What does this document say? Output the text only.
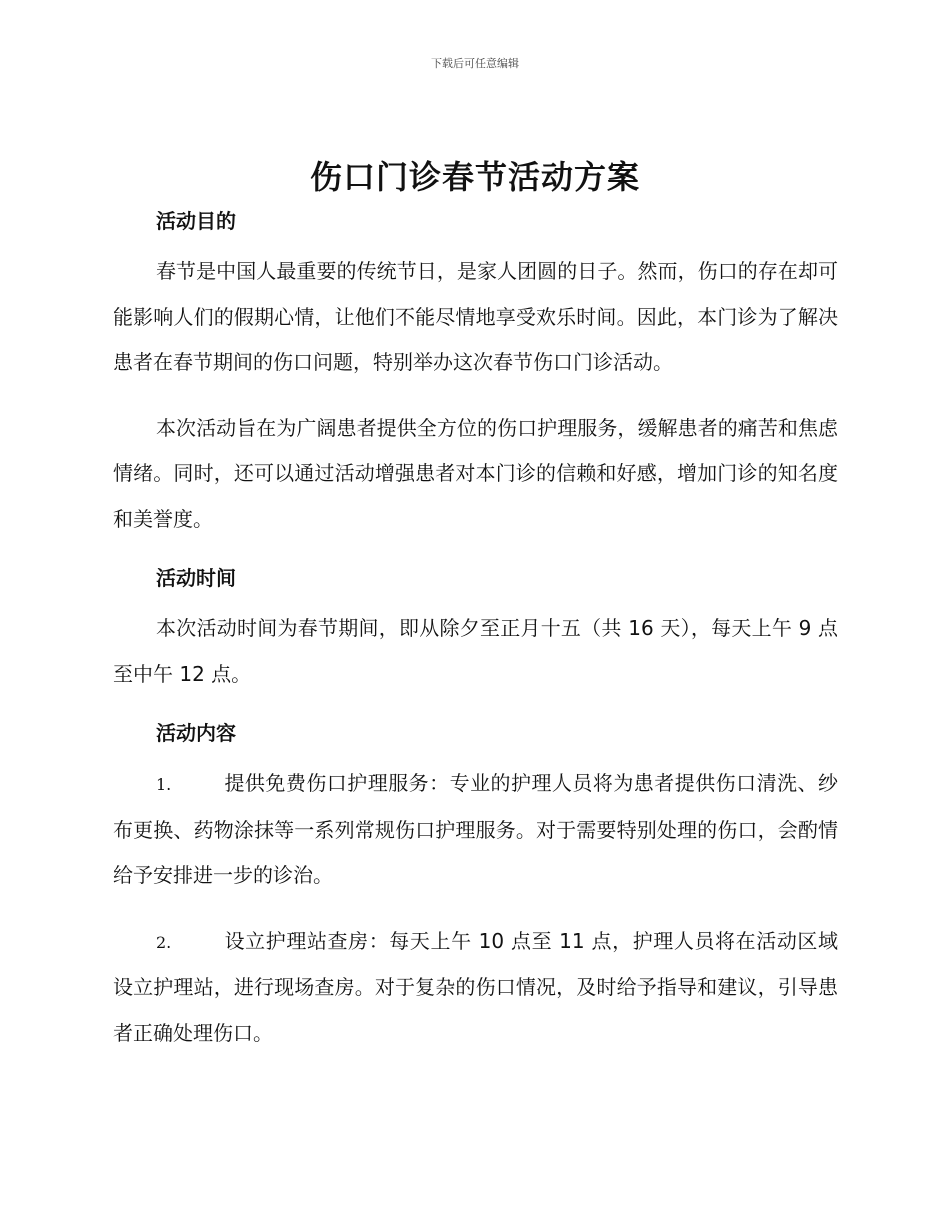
下载后可任意编辑
伤口门诊春节活动方案

活动目的

春节是中国人最重要的传统节日，是家人团圆的日子。然而，伤口的存在却可能影响人们的假期心情，让他们不能尽情地享受欢乐时间。因此，本门诊为了解决患者在春节期间的伤口问题，特别举办这次春节伤口门诊活动。

本次活动旨在为广阔患者提供全方位的伤口护理服务，缓解患者的痛苦和焦虑情绪。同时，还可以通过活动增强患者对本门诊的信赖和好感，增加门诊的知名度和美誉度。

活动时间

本次活动时间为春节期间，即从除夕至正月十五（共 16 天），每天上午 9 点至中午 12 点。

活动内容

1.	提供免费伤口护理服务：专业的护理人员将为患者提供伤口清洗、纱布更换、药物涂抹等一系列常规伤口护理服务。对于需要特别处理的伤口，会酌情给予安排进一步的诊治。

2.	设立护理站查房：每天上午 10 点至 11 点，护理人员将在活动区域设立护理站，进行现场查房。对于复杂的伤口情况，及时给予指导和建议，引导患者正确处理伤口。
